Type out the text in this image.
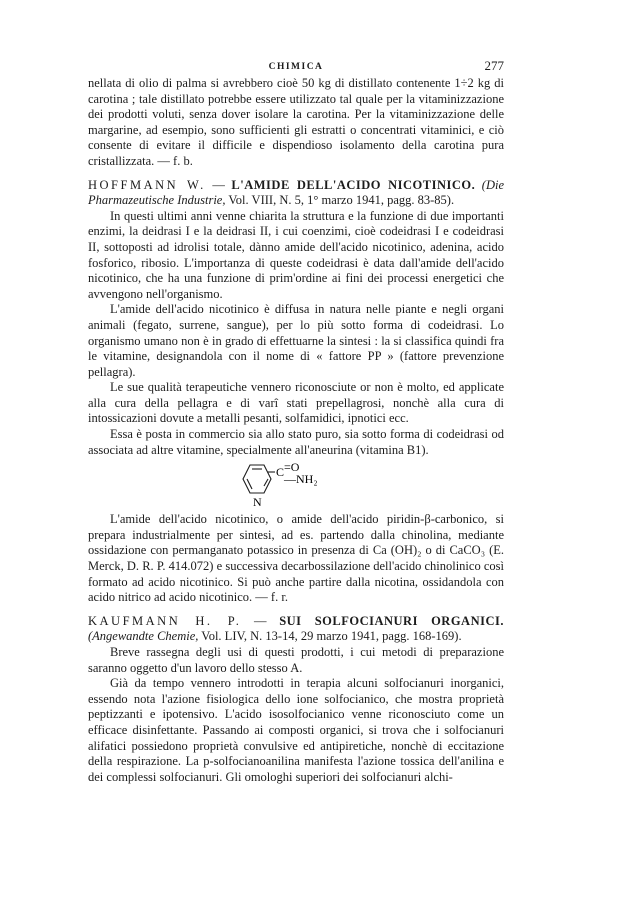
CHIMICA	277

nellata di olio di palma si avrebbero cioè 50 kg di distillato contenente 1÷2 kg di carotina ; tale distillato potrebbe essere utilizzato tal quale per la vitaminizzazione dei prodotti voluti, senza dover isolare la carotina. Per la vitaminizzazione delle margarine, ad esempio, sono sufficienti gli estratti o concentrati vitaminici, e ciò consente di evitare il difficile e dispendioso isolamento della carotina pura cristallizzata. — f. b.

HOFFMANN W. — L'AMIDE DELL'ACIDO NICOTINICO. (Die Pharmazeutische Industrie, Vol. VIII, N. 5, 1° marzo 1941, pagg. 83-85).

In questi ultimi anni venne chiarita la struttura e la funzione di due importanti enzimi, la deidrasi I e la deidrasi II, i cui coenzimi, cioè codeidrasi I e codeidrasi II, sottoposti ad idrolisi totale, dànno amide dell'acido nicotinico, adenina, acido fosforico, ribosio. L'importanza di queste codeidrasi è data dall'amide dell'acido nicotinico, che ha una funzione di prim'ordine ai fini dei processi energetici che avvengono nell'organismo.

L'amide dell'acido nicotinico è diffusa in natura nelle piante e negli organi animali (fegato, surrene, sangue), per lo più sotto forma di codeidrasi. Lo organismo umano non è in grado di effettuarne la sintesi : la si classifica quindi fra le vitamine, designandola con il nome di « fattore PP » (fattore prevenzione pellagra).

Le sue qualità terapeutiche vennero riconosciute or non è molto, ed applicate alla cura della pellagra e di varî stati prepellagrosi, nonchè alla cura di intossicazioni dovute a metalli pesanti, solfamidici, ipnotici ecc.

Essa è posta in commercio sia allo stato puro, sia sotto forma di codeidrasi od associata ad altre vitamine, specialmente all'aneurina (vitamina B1).

C =O
—NH₂
N

L'amide dell'acido nicotinico, o amide dell'acido piridin-β-carbonico, si prepara industrialmente per sintesi, ad es. partendo dalla chinolina, mediante ossidazione con permanganato potassico in presenza di Ca (OH)₂ o di CaCO₃ (E. Merck, D. R. P. 414.072) e successiva decarbossilazione dell'acido chinolinico così formato ad acido nicotinico. Si può anche partire dalla nicotina, ossidandola con acido nitrico ad acido nicotinico. — f. r.

KAUFMANN H. P. — SUI SOLFOCIANURI ORGANICI. (Angewandte Chemie, Vol. LIV, N. 13-14, 29 marzo 1941, pagg. 168-169).

Breve rassegna degli usi di questi prodotti, i cui metodi di preparazione saranno oggetto d'un lavoro dello stesso A.

Già da tempo vennero introdotti in terapia alcuni solfocianuri inorganici, essendo nota l'azione fisiologica dello ione solfocianico, che mostra proprietà peptizzanti e ipotensivo. L'acido isosolfocianico venne riconosciuto come un efficace disinfettante. Passando ai composti organici, si trova che i solfocianuri alifatici possiedono proprietà convulsive ed antipiretiche, nonchè di eccitazione della respirazione. La p-solfocianoanilina manifesta l'azione tossica dell'anilina e dei complessi solfocianuri. Gli omologhi superiori dei solfocianuri alchi-
